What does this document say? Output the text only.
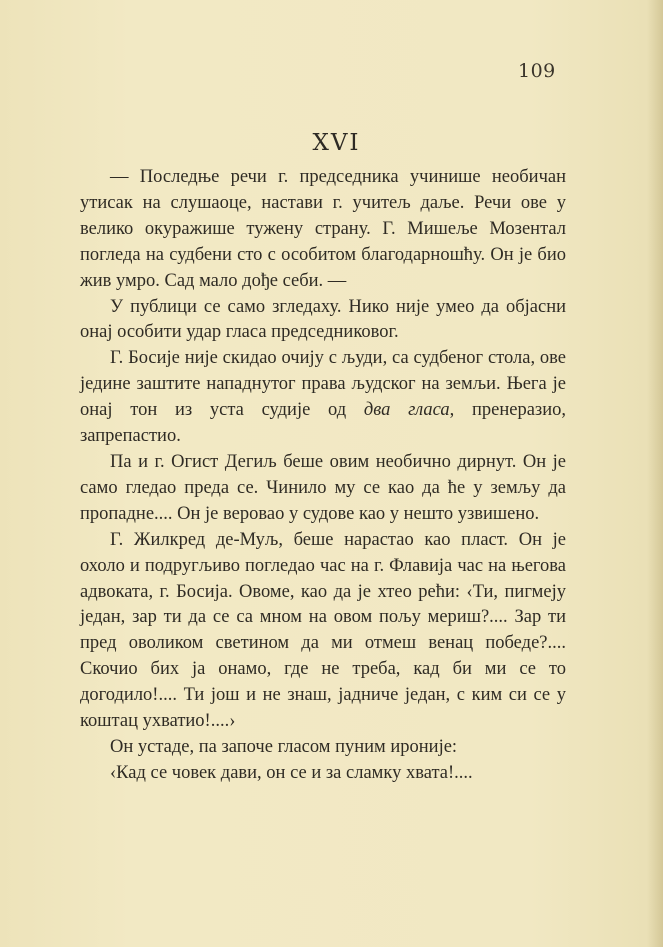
109
XVI

— Последње речи г. председника учинише необичан утисак на слушаоце, настави г. учитељ даље. Речи ове у велико окуражише тужену страну. Г. Мишеље Мозентал погледа на судбени сто с особитом благодарношћу. Он је био жив умро. Сад мало дође себи. —

У публици се само згледаху. Нико није умео да објасни онај особити удар гласа председниковог.

Г. Босије није скидао очију с људи, са судбеног стола, ове једине заштите нападнутог права људског на земљи. Њега је онај тон из уста судије од два гласа, пренеразио, запрепастио.

Па и г. Огист Дегиљ беше овим необично дирнут. Он је само гледао преда се. Чинило му се као да ће у земљу да пропадне.... Он је веровао у судове као у нешто узвишено.

Г. Жилкред де-Муљ, беше нарастао као пласт. Он је охоло и подругљиво погледао час на г. Флавија час на његова адвоката, г. Босија. Овоме, као да је хтео рећи: ‹Ти, пигмеју један, зар ти да се са мном на овом пољу мериш?.... Зар ти пред оволиком светином да ми отмеш венац победе?.... Скочио бих ја онамо, где не треба, кад би ми се то догодило!.... Ти још и не знаш, јадниче један, с ким си се у коштац ухватио!....›

Он устаде, па започе гласом пуним ироније:

‹Кад се човек дави, он се и за сламку хвата!....
